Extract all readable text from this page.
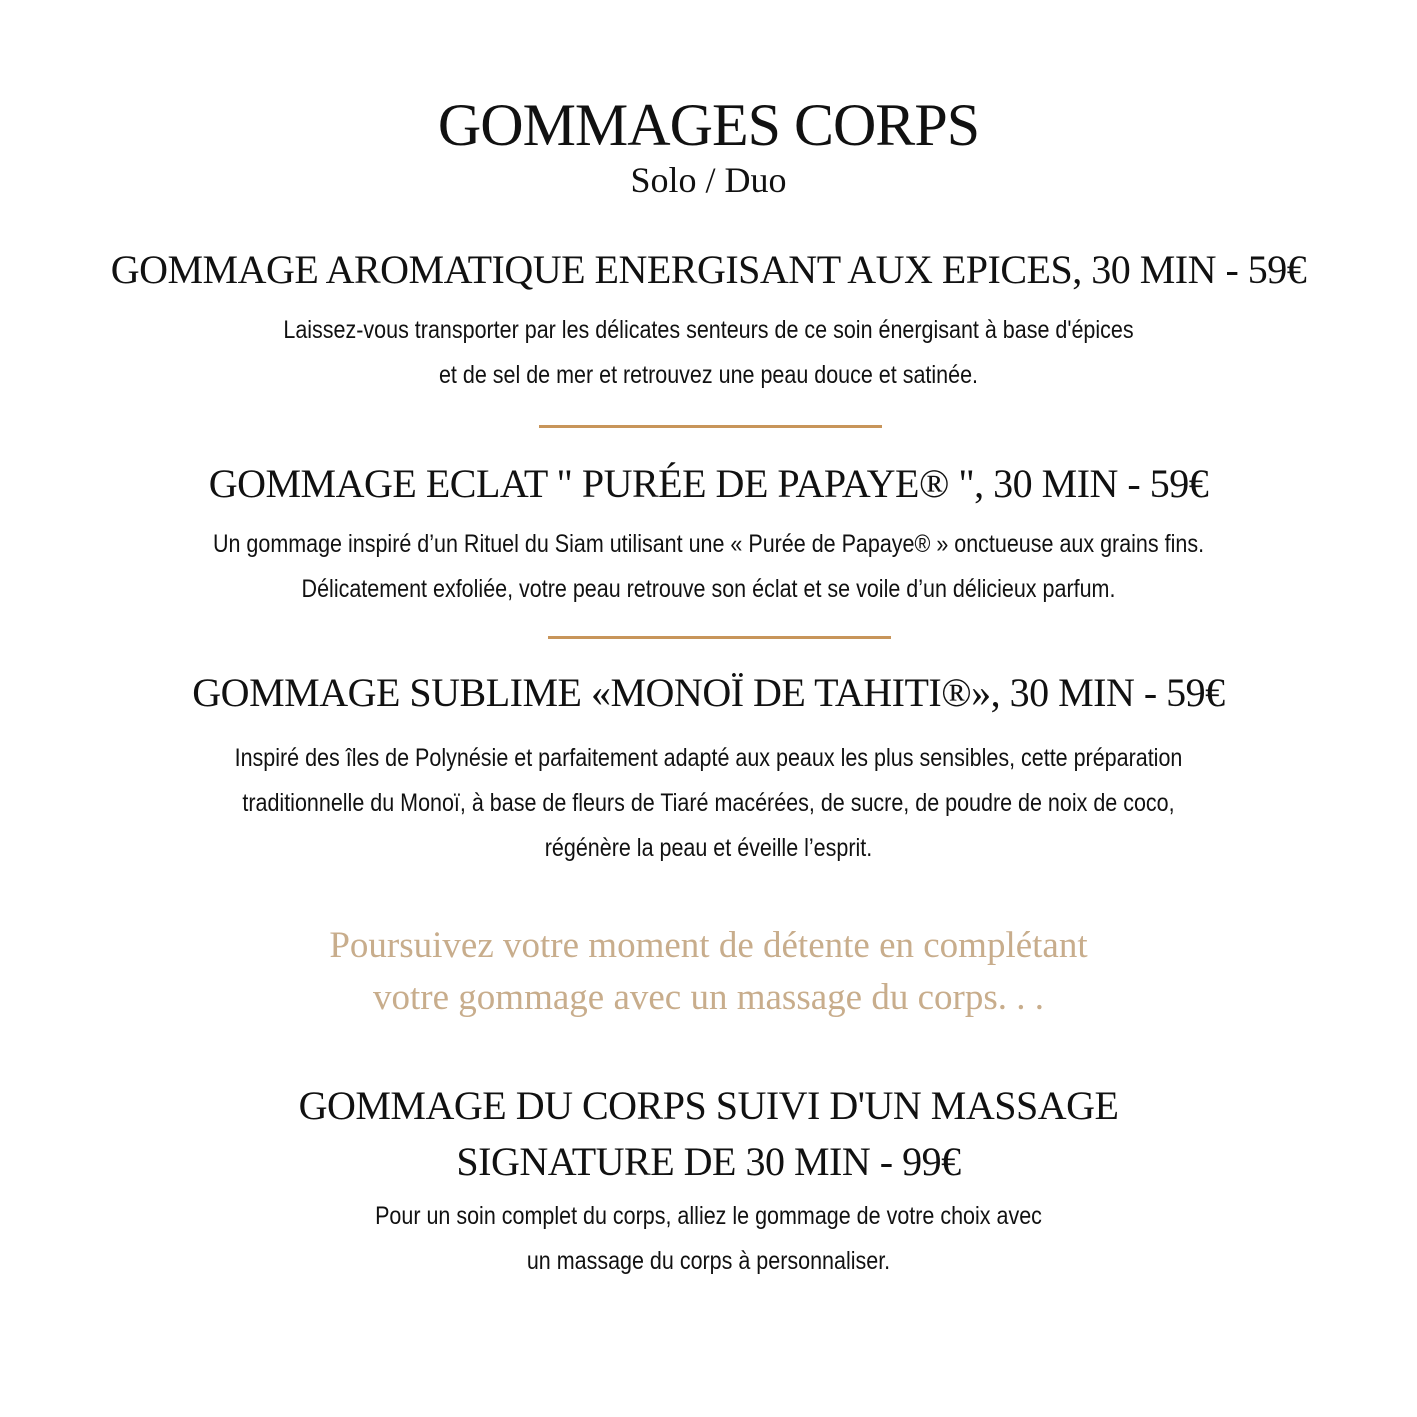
GOMMAGES CORPS

Solo / Duo

GOMMAGE AROMATIQUE ENERGISANT AUX EPICES, 30 MIN - 59€
Laissez-vous transporter par les délicates senteurs de ce soin énergisant à base d'épices
et de sel de mer et retrouvez une peau douce et satinée.
GOMMAGE ECLAT " PURÉE DE PAPAYE® ", 30 MIN - 59€
Un gommage inspiré d’un Rituel du Siam utilisant une « Purée de Papaye® » onctueuse aux grains fins.
Délicatement exfoliée, votre peau retrouve son éclat et se voile d’un délicieux parfum.
GOMMAGE SUBLIME «MONOÏ DE TAHITI®», 30 MIN - 59€
Inspiré des îles de Polynésie et parfaitement adapté aux peaux les plus sensibles, cette préparation
traditionnelle du Monoï, à base de fleurs de Tiaré macérées, de sucre, de poudre de noix de coco,
régénère la peau et éveille l’esprit.
Poursuivez votre moment de détente en complétant
votre gommage avec un massage du corps. . .
GOMMAGE DU CORPS SUIVI D'UN MASSAGE
SIGNATURE DE 30 MIN - 99€
Pour un soin complet du corps, alliez le gommage de votre choix avec
un massage du corps à personnaliser.
